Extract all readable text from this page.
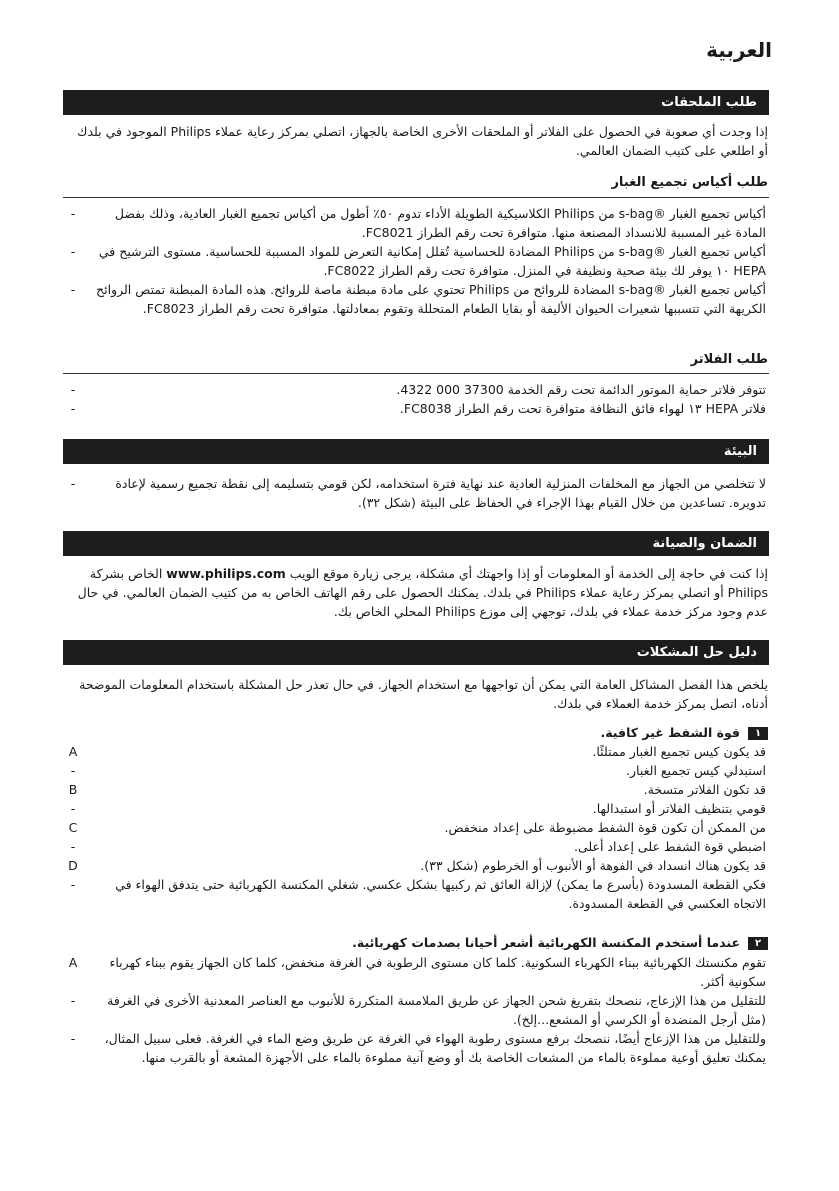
العربية
طلب الملحقات

إذا وجدت أي صعوبة في الحصول على الفلاتر أو الملحقات الأخرى الخاصة بالجهاز، اتصلي بمركز رعاية عملاء Philips الموجود في بلدك أو اطلعي على كتيب الضمان العالمي.

طلب أكياس تجميع الغبار
-	أكياس تجميع الغبار ®s-bag من Philips الكلاسيكية الطويلة الأداء تدوم ٥٠٪ أطول من أكياس تجميع الغبار العادية، وذلك بفضل المادة غير المسببة للانسداد المصنعة منها. متوافرة تحت رقم الطراز FC8021.
-	أكياس تجميع الغبار ®s-bag من Philips المضادة للحساسية تُقلل إمكانية التعرض للمواد المسببة للحساسية. مستوى الترشيح في HEPA ١٠ يوفر لك بيئة صحية ونظيفة في المنزل. متوافرة تحت رقم الطراز FC8022.
-	أكياس تجميع الغبار ®s-bag المضادة للروائح من Philips تحتوي على مادة مبطنة ماصة للروائح. هذه المادة المبطنة تمتص الروائح الكريهة التي تتسببها شعيرات الحيوان الأليفة أو بقايا الطعام المتحللة وتقوم بمعادلتها. متوافرة تحت رقم الطراز FC8023.
طلب الفلاتر
-	تتوفر فلاتر حماية الموتور الدائمة تحت رقم الخدمة 37300 000 4322.
-	فلاتر HEPA ١٣ لهواء فائق النظافة متوافرة تحت رقم الطراز FC8038.
البيئة
-	لا تتخلصي من الجهاز مع المخلفات المنزلية العادية عند نهاية فترة استخدامه، لكن قومي بتسليمه إلى نقطة تجميع رسمية لإعادة تدويره. تساعدين من خلال القيام بهذا الإجراء في الحفاظ على البيئة (شكل ٣٢).
الضمان والصيانة

إذا كنت في حاجة إلى الخدمة أو المعلومات أو إذا واجهتك أي مشكلة، يرجى زيارة موقع الويب www.philips.com الخاص بشركة Philips أو اتصلي بمركز رعاية عملاء Philips في بلدك. يمكنك الحصول على رقم الهاتف الخاص به من كتيب الضمان العالمي. في حال عدم وجود مركز خدمة عملاء في بلدك، توجهي إلى موزع Philips المحلي الخاص بك.

دليل حل المشكلات

يلخص هذا الفصل المشاكل العامة التي يمكن أن تواجهها مع استخدام الجهاز. في حال تعذر حل المشكلة باستخدام المعلومات الموضحة أدناه، اتصل بمركز خدمة العملاء في بلدك.

١قوة الشفط غير كافية.
A	قد يكون كيس تجميع الغبار ممتلئًا.
-	استبدلي كيس تجميع الغبار.
B	قد تكون الفلاتر متسخة.
-	قومي بتنظيف الفلاتر أو استبدالها.
C	من الممكن أن تكون قوة الشفط مضبوطة على إعداد منخفض.
-	اضبطي قوة الشفط على إعداد أعلى.
D	قد يكون هناك انسداد في الفوهة أو الأنبوب أو الخرطوم (شكل ٣٣).
-	فكي القطعة المسدودة (بأسرع ما يمكن) لإزالة العائق ثم ركبيها بشكل عكسي. شغلي المكنسة الكهربائية حتى يتدفق الهواء في الاتجاه العكسي في القطعة المسدودة.
٢عندما أستخدم المكنسة الكهربائية أشعر أحيانا بصدمات كهربائية.
A	تقوم مكنستك الكهربائية ببناء الكهرباء السكونية. كلما كان مستوى الرطوبة في الغرفة منخفض، كلما كان الجهاز يقوم ببناء كهرباء سكونية أكثر.
-	للتقليل من هذا الإزعاج، ننصحك بتفريغ شحن الجهاز عن طريق الملامسة المتكررة للأنبوب مع العناصر المعدنية الأخرى في الغرفة (مثل أرجل المنضدة أو الكرسي أو المشعع...إلخ).
-	وللتقليل من هذا الإزعاج أيضًا، ننصحك برفع مستوى رطوبة الهواء في الغرفة عن طريق وضع الماء في الغرفة. فعلى سبيل المثال، يمكنك تعليق أوعية مملوءة بالماء من المشعات الخاصة بك أو وضع آنية مملوءة بالماء على الأجهزة المشعة أو بالقرب منها.
